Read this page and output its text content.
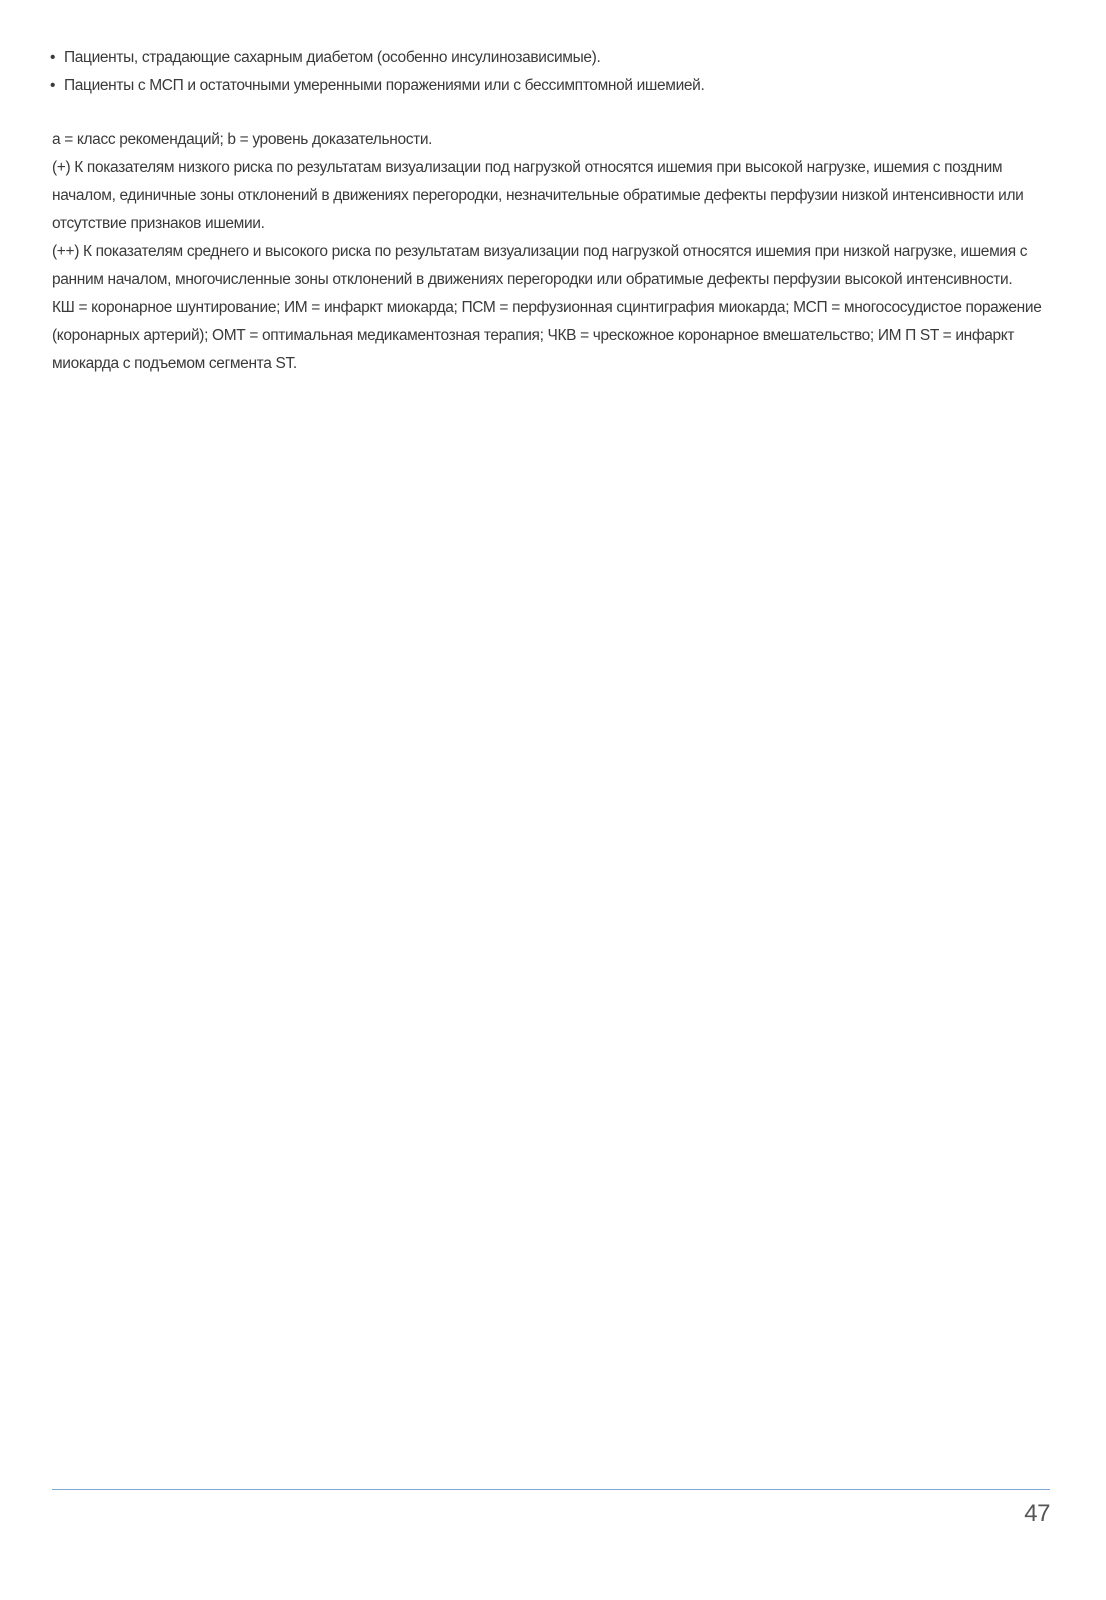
• Пациенты, страдающие сахарным диабетом (особенно инсулинозависимые).
• Пациенты с МСП и остаточными умеренными поражениями или с бессимптомной ишемией.

a = класс рекомендаций; b = уровень доказательности.

(+) К показателям низкого риска по результатам визуализации под нагрузкой относятся ишемия при высокой нагрузке, ишемия с поздним началом, единичные зоны отклонений в движениях перегородки, незначительные обратимые дефекты перфузии низкой интенсивности или отсутствие признаков ишемии.

(++) К показателям среднего и высокого риска по результатам визуализации под нагрузкой относятся ишемия при низкой нагрузке, ишемия с ранним началом, многочисленные зоны отклонений в движениях перегородки или обратимые дефекты перфузии высокой интенсивности.

КШ = коронарное шунтирование; ИМ = инфаркт миокарда; ПСМ = перфузионная сцинтиграфия миокарда; МСП = многососудистое поражение (коронарных артерий); ОМТ = оптимальная медикаментозная терапия; ЧКВ = чрескожное коронарное вмешательство; ИМ П ST = инфаркт миокарда с подъемом сегмента ST.

47
